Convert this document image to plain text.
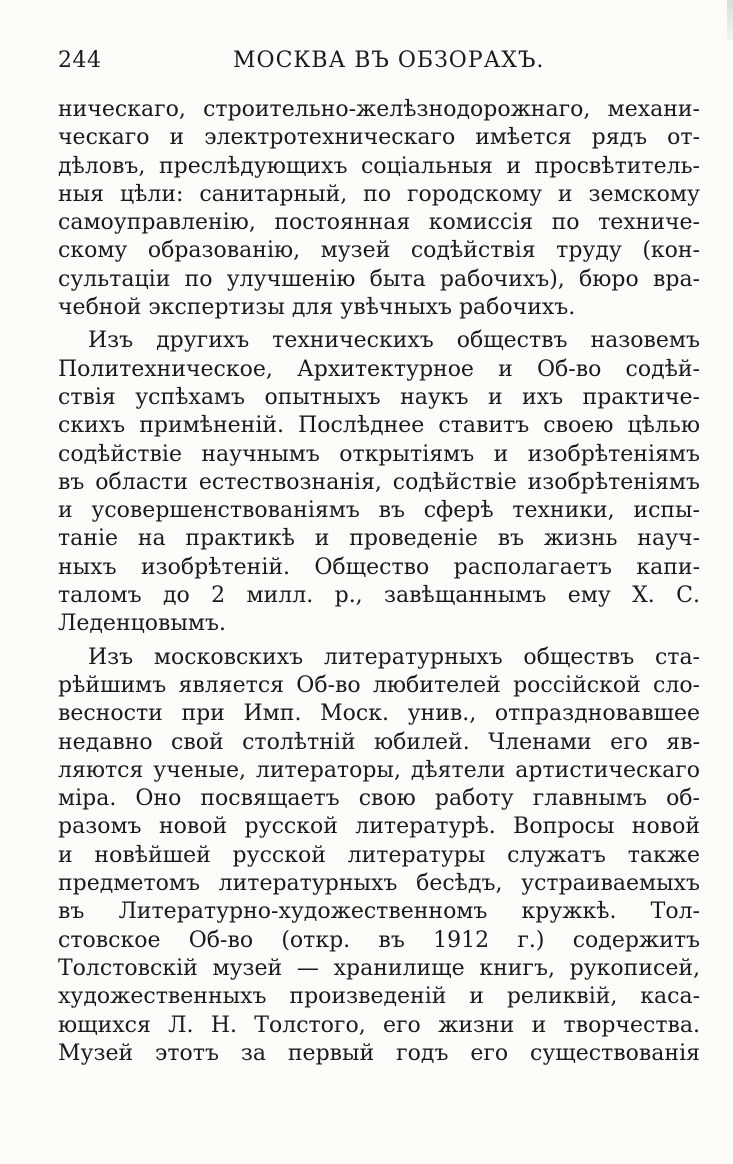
244	МОСКВА ВЪ ОБЗОРАХЪ.
ническаго, строительно-желѣзнодорожнаго, механи-
ческаго и электротехническаго имѣется рядъ от-
дѣловъ, преслѣдующихъ соціальныя и просвѣтитель-
ныя цѣли: санитарный, по городскому и земскому
самоуправленію, постоянная комиссія по техниче-
скому образованію, музей содѣйствія труду (кон-
сультаціи по улучшенію быта рабочихъ), бюро вра-
чебной экспертизы для увѣчныхъ рабочихъ.
Изъ другихъ техническихъ обществъ назовемъ
Политехническое, Архитектурное и Об-во содѣй-
ствія успѣхамъ опытныхъ наукъ и ихъ практиче-
скихъ примѣненій. Послѣднее ставитъ своею цѣлью
содѣйствіе научнымъ открытіямъ и изобрѣтеніямъ
въ области естествознанія, содѣйствіе изобрѣтеніямъ
и усовершенствованіямъ въ сферѣ техники, испы-
таніе на практикѣ и проведеніе въ жизнь науч-
ныхъ изобрѣтеній. Общество располагаетъ капи-
таломъ до 2 милл. р., завѣщаннымъ ему Х. С.
Леденцовымъ.
Изъ московскихъ литературныхъ обществъ ста-
рѣйшимъ является Об-во любителей россійской сло-
весности при Имп. Моск. унив., отпраздновавшее
недавно свой столѣтній юбилей. Членами его яв-
ляются ученые, литераторы, дѣятели артистическаго
міра. Оно посвящаетъ свою работу главнымъ об-
разомъ новой русской литературѣ. Вопросы новой
и новѣйшей русской литературы служатъ также
предметомъ литературныхъ бесѣдъ, устраиваемыхъ
въ Литературно-художественномъ кружкѣ. Тол-
стовское Об-во (откр. въ 1912 г.) содержитъ
Толстовскій музей — хранилище книгъ, рукописей,
художественныхъ произведеній и реликвій, каса-
ющихся Л. Н. Толстого, его жизни и творчества.
Музей этотъ за первый годъ его существованія
